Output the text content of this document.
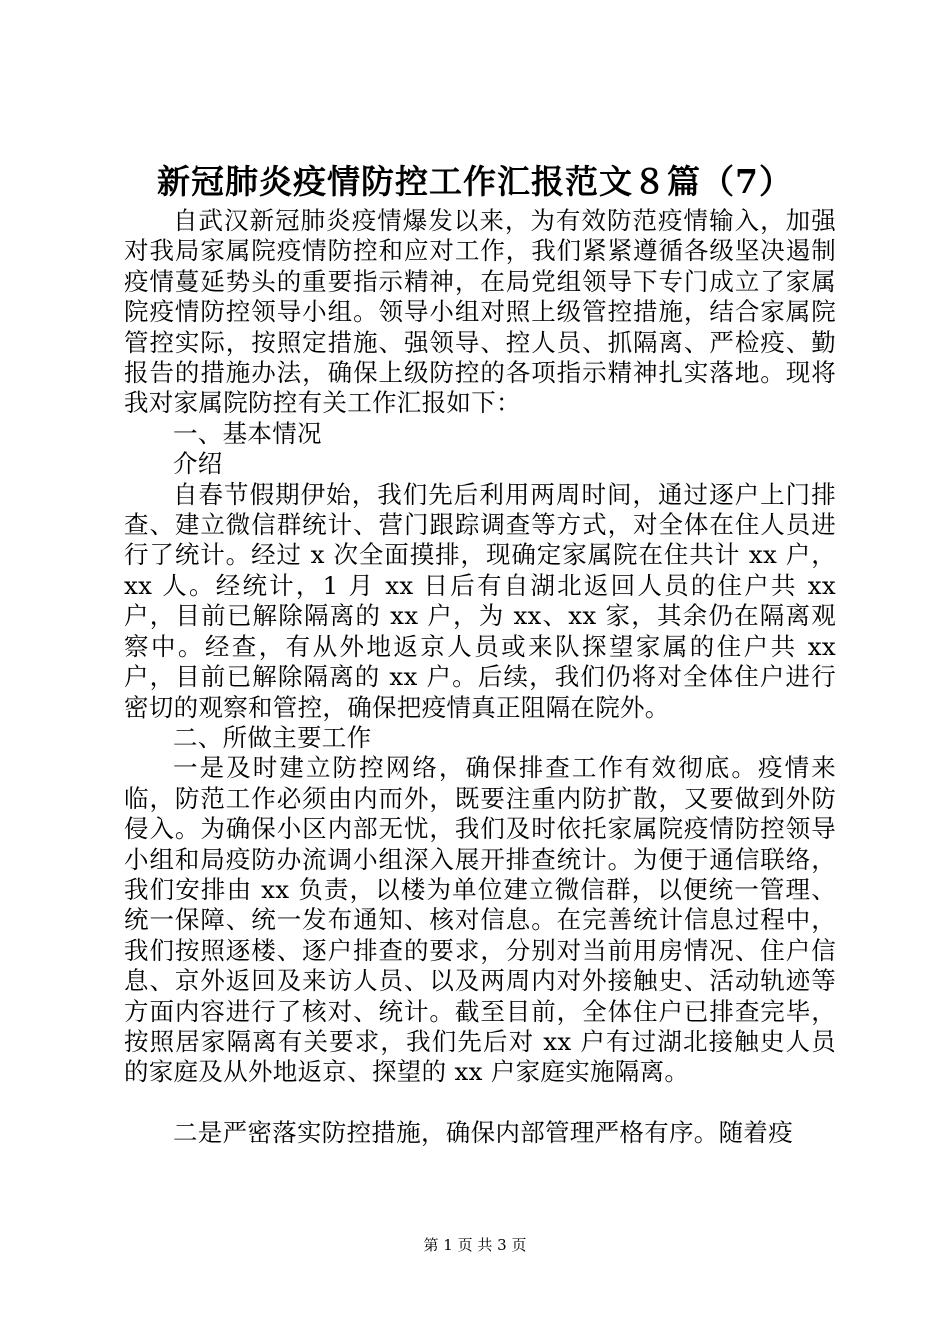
新冠肺炎疫情防控工作汇报范文８篇（7）

自武汉新冠肺炎疫情爆发以来，为有效防范疫情输入，加强对我局家属院疫情防控和应对工作，我们紧紧遵循各级坚决遏制疫情蔓延势头的重要指示精神，在局党组领导下专门成立了家属院疫情防控领导小组。领导小组对照上级管控措施，结合家属院管控实际，按照定措施、强领导、控人员、抓隔离、严检疫、勤报告的措施办法，确保上级防控的各项指示精神扎实落地。现将我对家属院防控有关工作汇报如下：

一、基本情况

介绍

自春节假期伊始，我们先后利用两周时间，通过逐户上门排查、建立微信群统计、营门跟踪调查等方式，对全体在住人员进行了统计。经过 x 次全面摸排，现确定家属院在住共计 xx 户，xx 人。经统计，1 月 xx 日后有自湖北返回人员的住户共 xx 户，目前已解除隔离的 xx 户，为 xx、xx 家，其余仍在隔离观察中。经查，有从外地返京人员或来队探望家属的住户共 xx 户，目前已解除隔离的 xx 户。后续，我们仍将对全体住户进行密切的观察和管控，确保把疫情真正阻隔在院外。

二、所做主要工作

一是及时建立防控网络，确保排查工作有效彻底。疫情来临，防范工作必须由内而外，既要注重内防扩散，又要做到外防侵入。为确保小区内部无忧，我们及时依托家属院疫情防控领导小组和局疫防办流调小组深入展开排查统计。为便于通信联络，我们安排由 xx 负责，以楼为单位建立微信群，以便统一管理、统一保障、统一发布通知、核对信息。在完善统计信息过程中，我们按照逐楼、逐户排查的要求，分别对当前用房情况、住户信息、京外返回及来访人员、以及两周内对外接触史、活动轨迹等方面内容进行了核对、统计。截至目前，全体住户已排查完毕，按照居家隔离有关要求，我们先后对 xx 户有过湖北接触史人员的家庭及从外地返京、探望的 xx 户家庭实施隔离。

二是严密落实防控措施，确保内部管理严格有序。随着疫

第 1 页 共 3 页
